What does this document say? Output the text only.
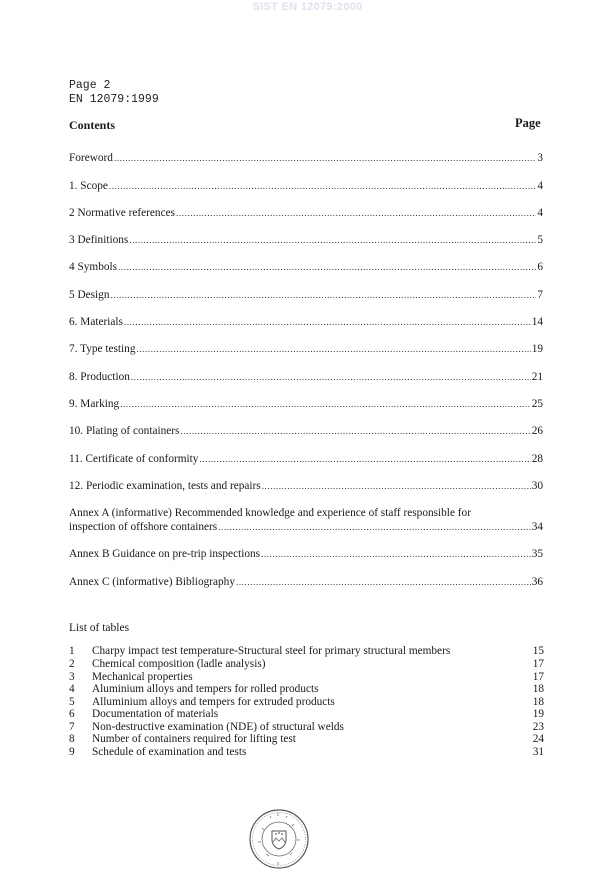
SIST EN 12079:2000
Page 2
EN 12079:1999
Contents	Page
Foreword .....	3
1. Scope .....	4
2 Normative references .....	4
3 Definitions .....	5
4 Symbols .....	6
5 Design .....	7
6. Materials .....	14
7. Type testing .....	19
8. Production .....	21
9. Marking .....	25
10. Plating of containers .....	26
11. Certificate of conformity .....	28
12. Periodic examination, tests and repairs .....	30
Annex A (informative) Recommended knowledge and experience of staff responsible for
inspection of offshore containers .....	34
Annex B Guidance on pre-trip inspections .....	35
Annex C (informative) Bibliography .....	36
· ˙ · ˙ ·
˙ ·
List of tables
1 Charpy impact test temperature-Structural steel for primary structural members	15
2 Chemical composition (ladle analysis)	17
3 Mechanical properties	17
4 Aluminium alloys and tempers for rolled products	18
5 Alluminium alloys and tempers for extruded products	18
6 Documentation of materials	19
7 Non-destructive examination (NDE) of structural welds	23
8 Number of containers required for lifting test	24
9 Schedule of examination and tests	31
